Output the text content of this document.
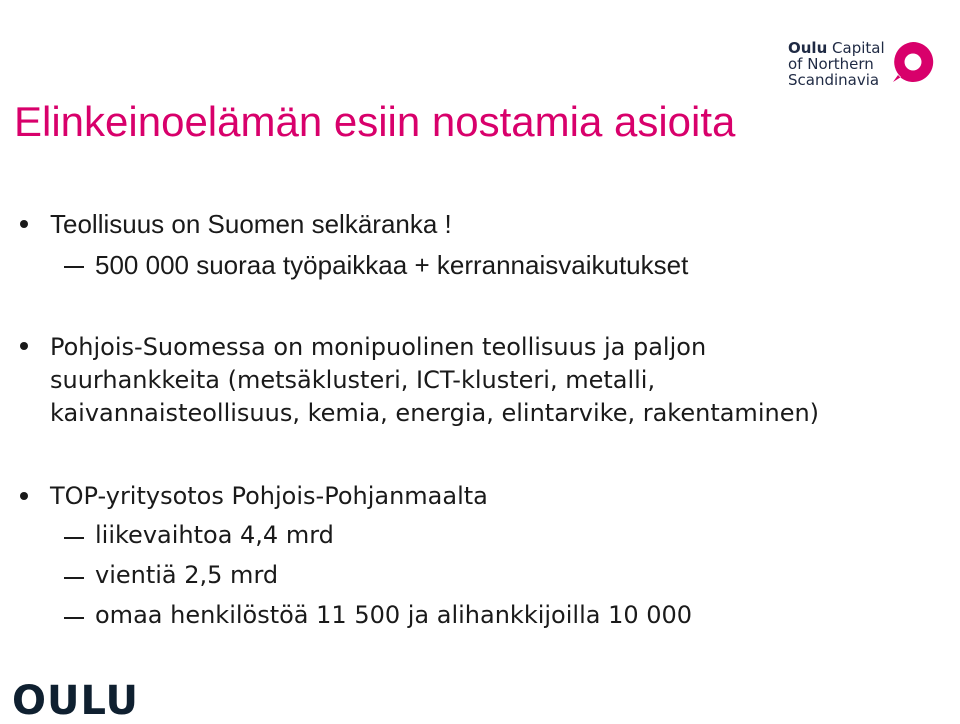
Oulu Capital
of Northern
Scandinavia
Elinkeinoelämän esiin nostamia asioita
Teollisuus on Suomen selkäranka !
500 000 suoraa työpaikkaa + kerrannaisvaikutukset
Pohjois-Suomessa on monipuolinen teollisuus ja paljon
suurhankkeita (metsäklusteri, ICT-klusteri, metalli,
kaivannaisteollisuus, kemia, energia, elintarvike, rakentaminen)
TOP-yritysotos Pohjois-Pohjanmaalta
liikevaihtoa 4,4 mrd
vientiä 2,5 mrd
omaa henkilöstöä 11 500 ja alihankkijoilla 10 000
OULU
